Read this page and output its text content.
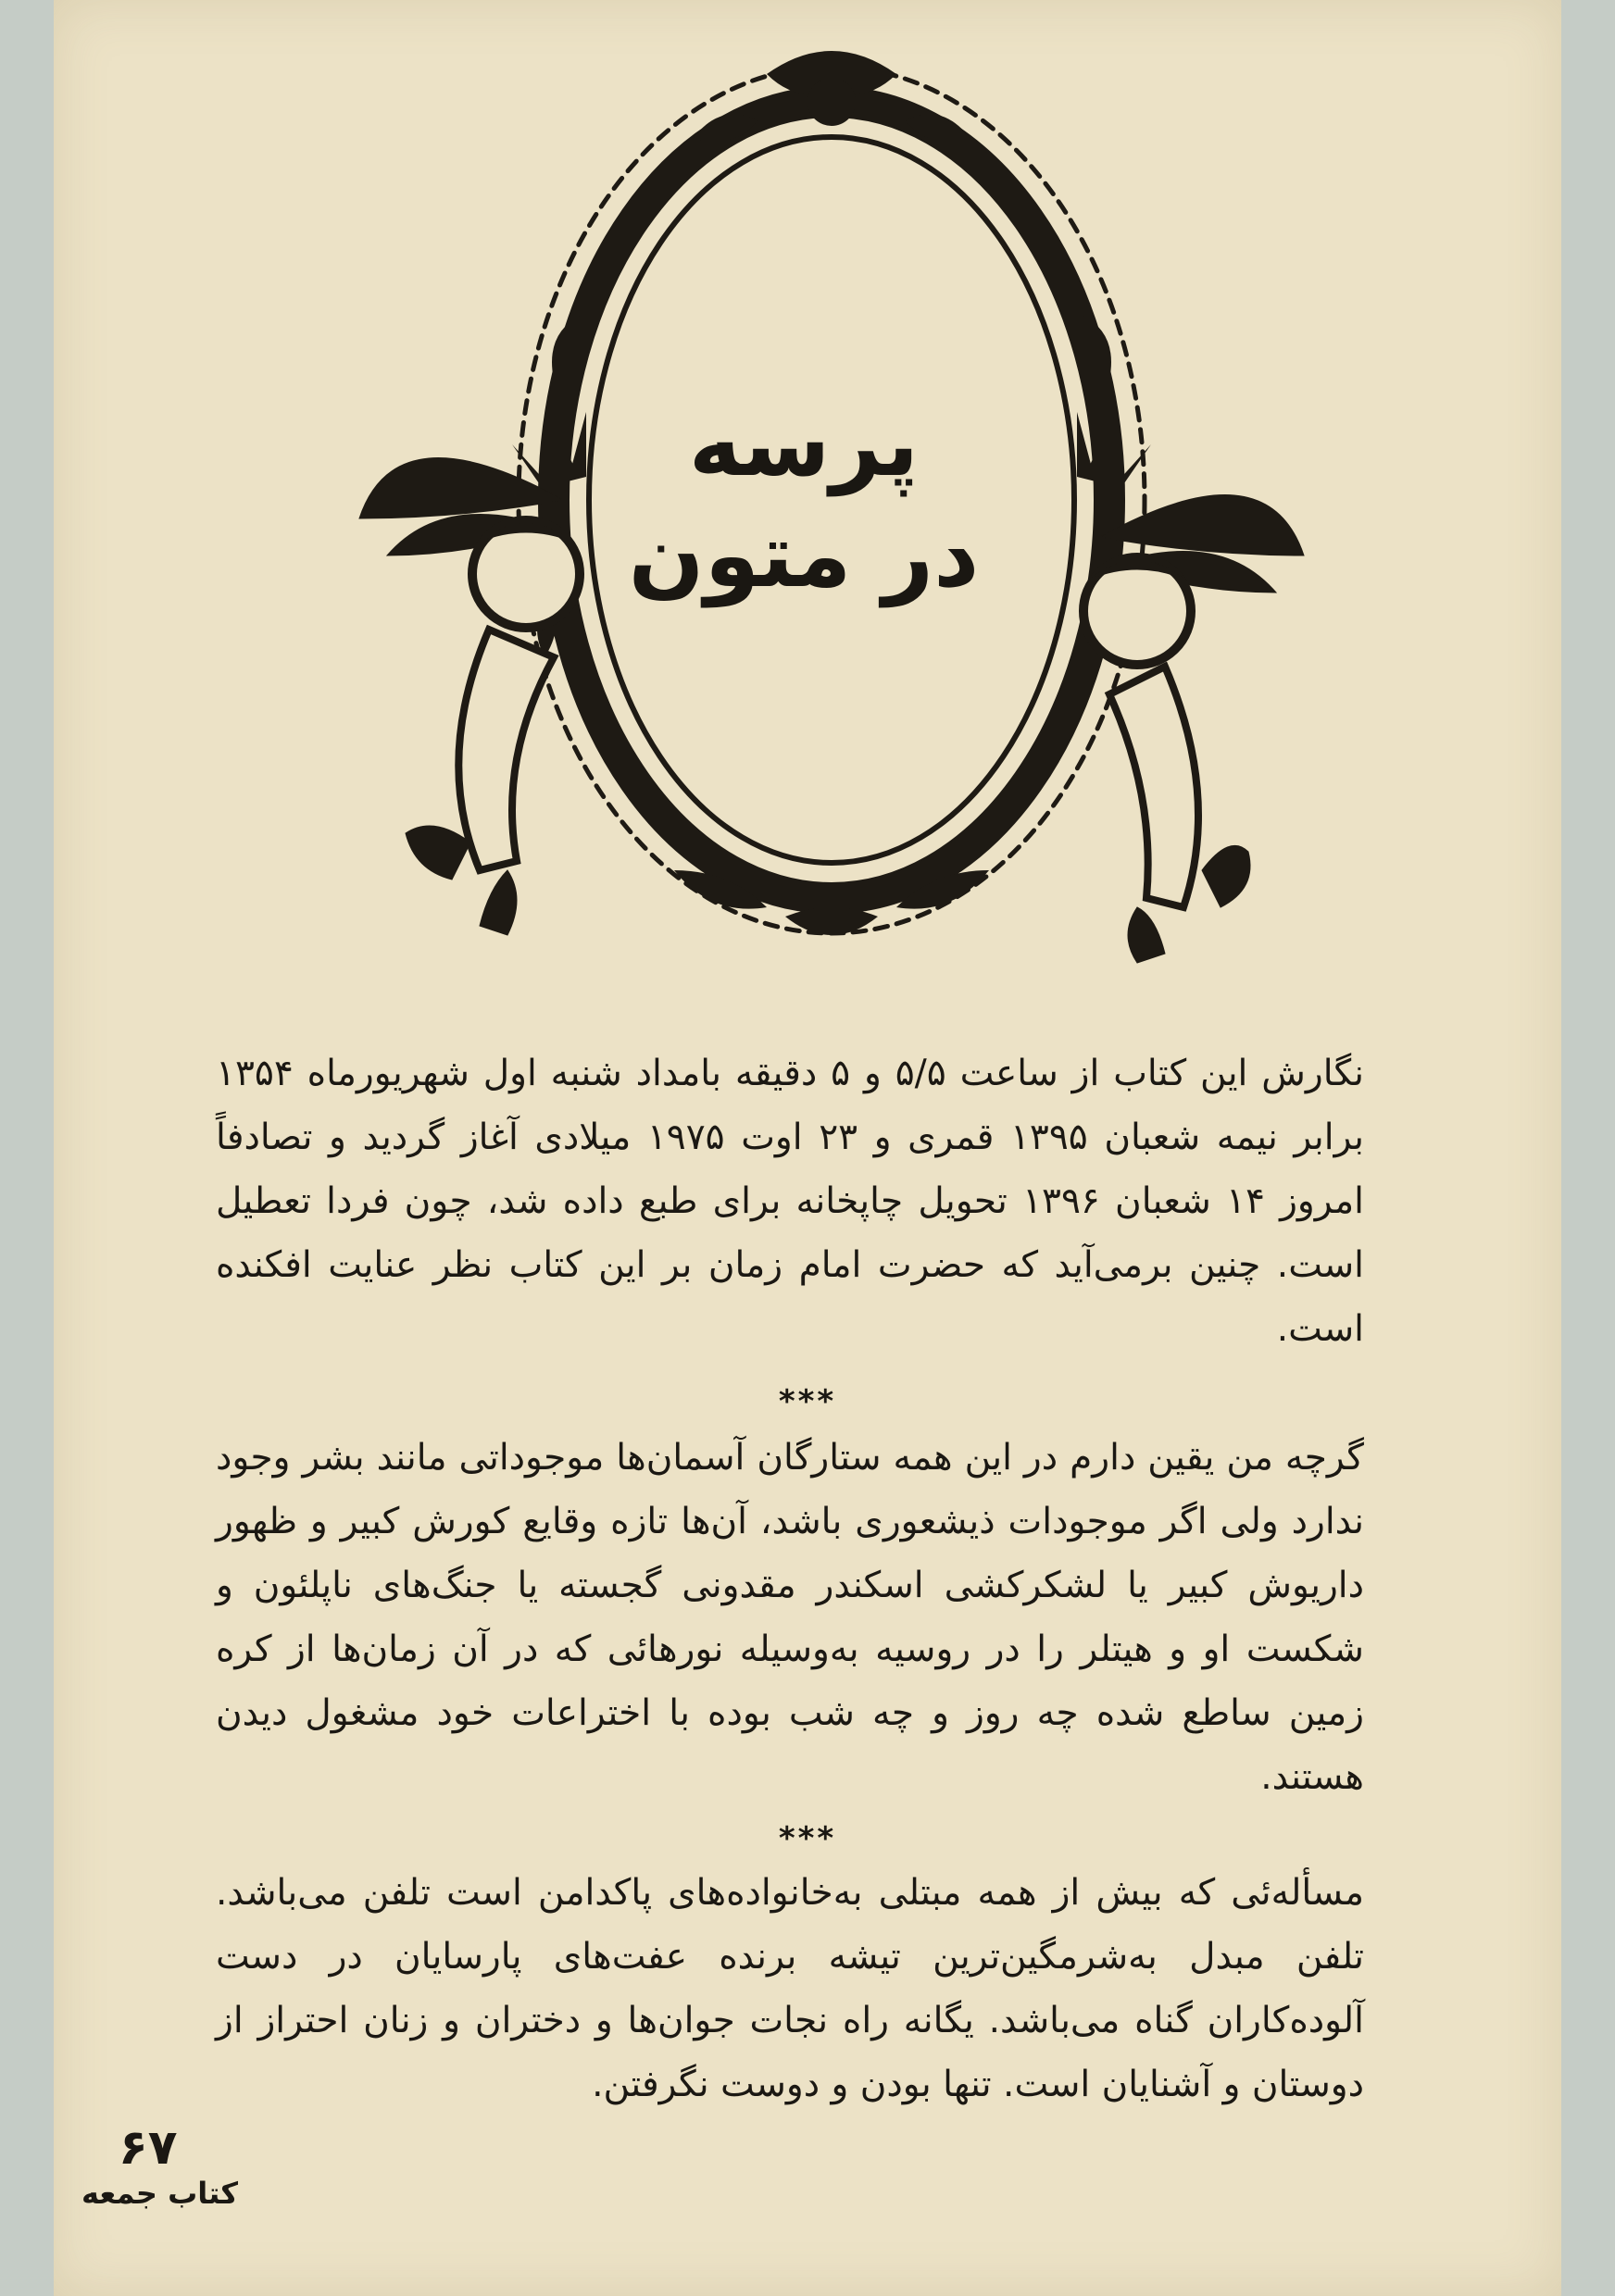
پرسه
در متون
نگارش این کتاب از ساعت ۵/۵ و ۵ دقیقه بامداد شنبه اول شهریورماه ۱۳۵۴ برابر نیمه شعبان ۱۳۹۵ قمری و ۲۳ اوت ۱۹۷۵ میلادی آغاز گردید و تصادفاً امروز ۱۴ شعبان ۱۳۹۶ تحویل چاپخانه برای طبع داده شد، چون فردا تعطیل است. چنین برمی‌آید که حضرت امام زمان بر این کتاب نظر عنایت افکنده است.
***
گرچه من یقین دارم در این همه ستارگان آسمان‌ها موجوداتی مانند بشر وجود ندارد ولی اگر موجودات ذیشعوری باشد، آن‌ها تازه وقایع کورش کبیر و ظهور داریوش کبیر یا لشکرکشی اسکندر مقدونی گجسته یا جنگ‌های ناپلئون و شکست او و هیتلر را در روسیه به‌وسیله نورهائی که در آن زمان‌ها از کره زمین ساطع شده چه روز و چه شب بوده با اختراعات خود مشغول دیدن هستند.
***
مسأله‌ئی که بیش از همه مبتلی به‌خانواده‌های پاکدامن است تلفن می‌باشد. تلفن مبدل به‌شرمگین‌ترین تیشه برنده عفت‌های پارسایان در دست آلوده‌کاران گناه می‌باشد. یگانه راه نجات جوان‌ها و دختران و زنان احتراز از دوستان و آشنایان است. تنها بودن و دوست نگرفتن.
۶۷
کتاب جمعه
